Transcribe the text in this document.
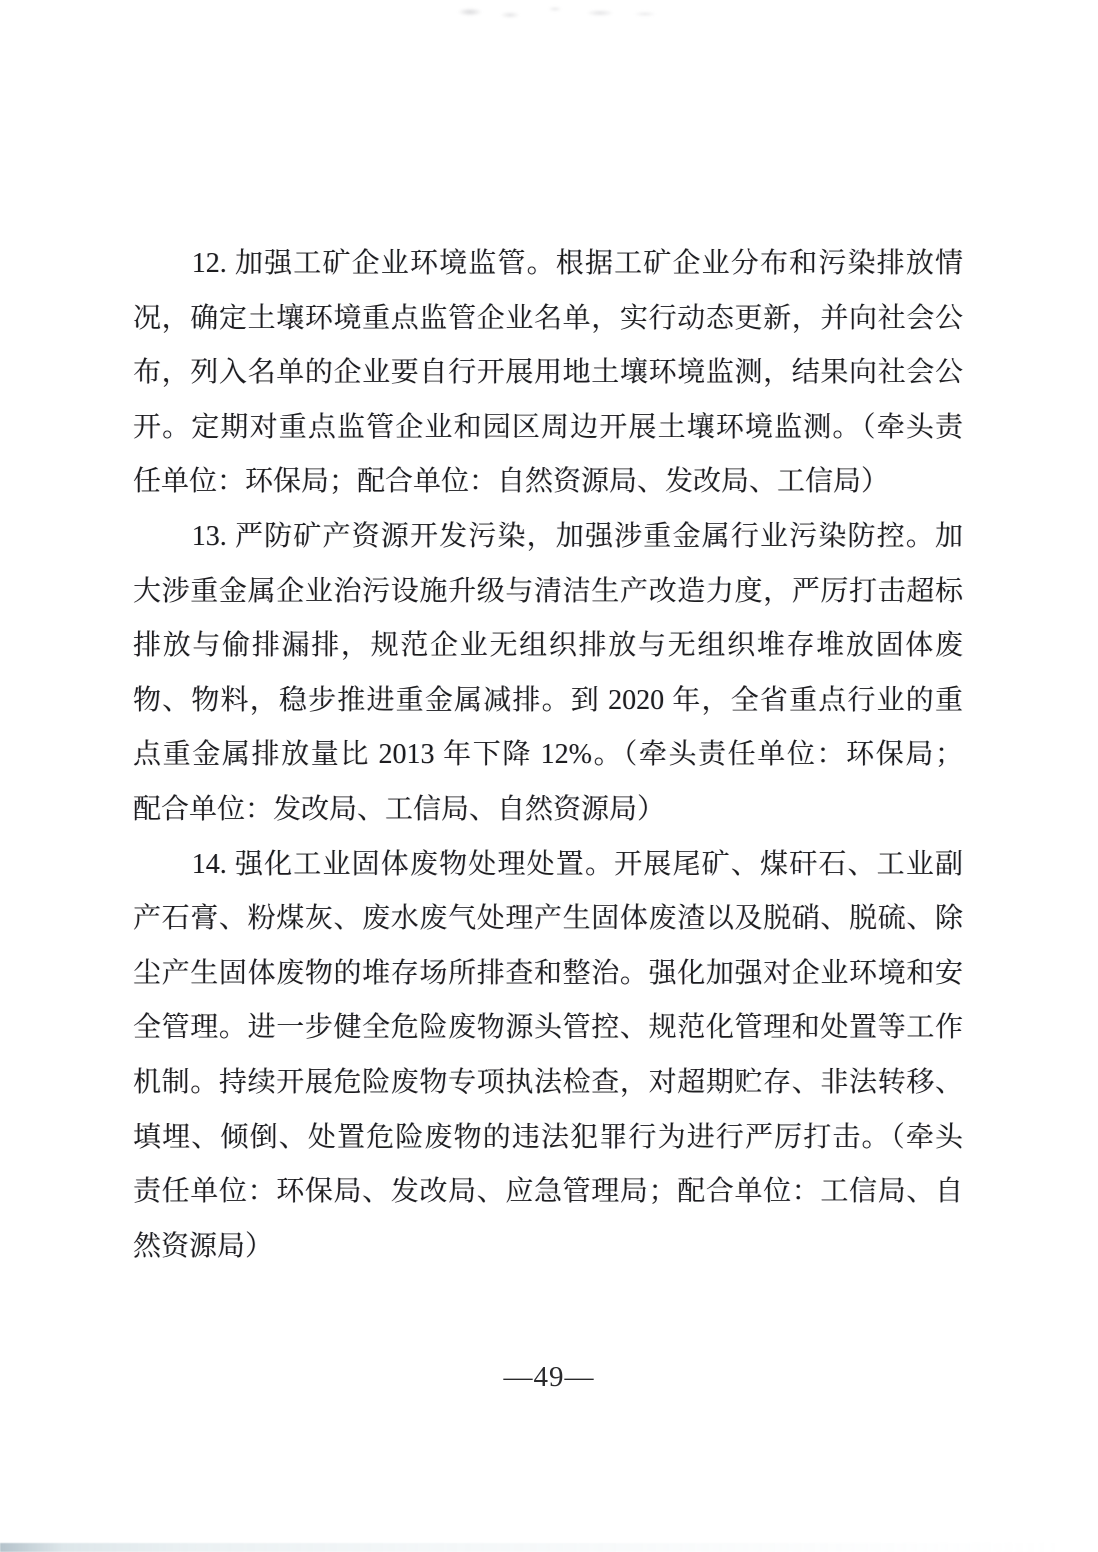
12. 加强工矿企业环境监管。根据工矿企业分布和污染排放情
况，确定土壤环境重点监管企业名单，实行动态更新，并向社会公
布，列入名单的企业要自行开展用地土壤环境监测，结果向社会公
开。定期对重点监管企业和园区周边开展土壤环境监测。（牵头责
任单位：环保局；配合单位：自然资源局、发改局、工信局）
13. 严防矿产资源开发污染，加强涉重金属行业污染防控。加
大涉重金属企业治污设施升级与清洁生产改造力度，严厉打击超标
排放与偷排漏排，规范企业无组织排放与无组织堆存堆放固体废
物、物料，稳步推进重金属减排。到 2020 年，全省重点行业的重
点重金属排放量比 2013 年下降 12%。（牵头责任单位：环保局；
配合单位：发改局、工信局、自然资源局）
14. 强化工业固体废物处理处置。开展尾矿、煤矸石、工业副
产石膏、粉煤灰、废水废气处理产生固体废渣以及脱硝、脱硫、除
尘产生固体废物的堆存场所排查和整治。强化加强对企业环境和安
全管理。进一步健全危险废物源头管控、规范化管理和处置等工作
机制。持续开展危险废物专项执法检查，对超期贮存、非法转移、
填埋、倾倒、处置危险废物的违法犯罪行为进行严厉打击。（牵头
责任单位：环保局、发改局、应急管理局；配合单位：工信局、自
然资源局）
—49—
